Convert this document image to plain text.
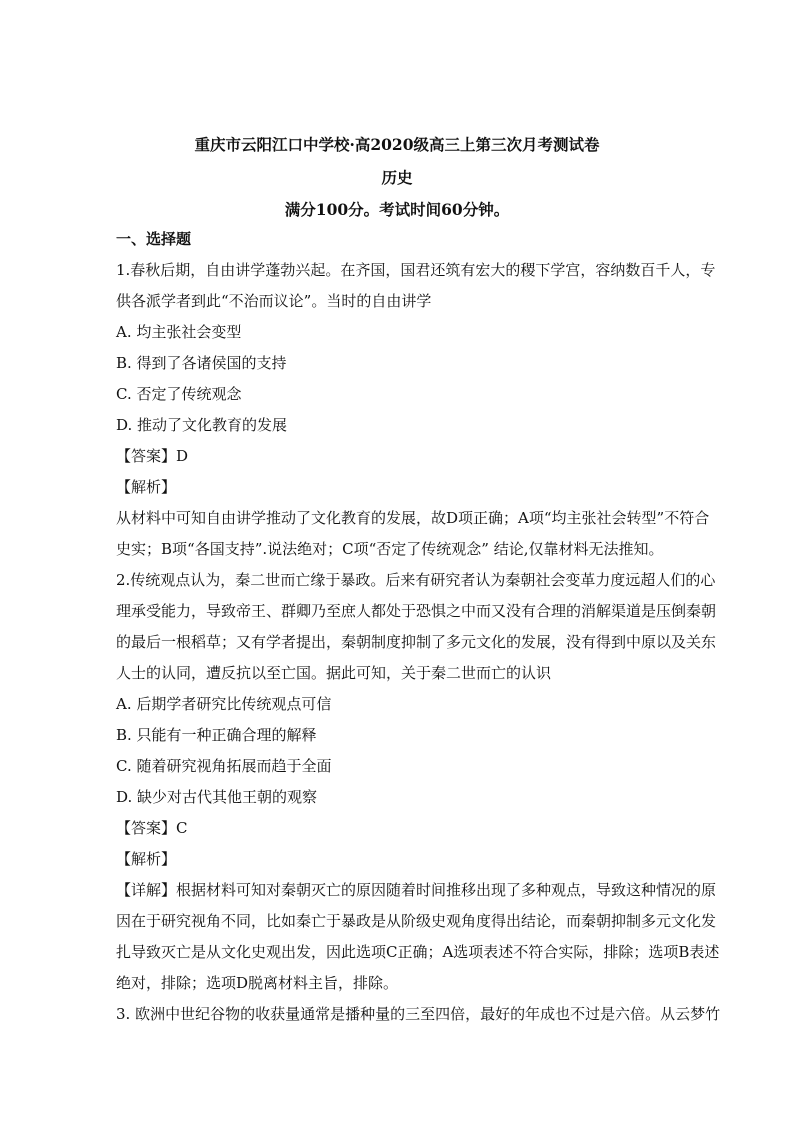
重庆市云阳江口中学校·高2020级高三上第三次月考测试卷
历史
满分100分。考试时间60分钟。
一、选择题
1.春秋后期，自由讲学蓬勃兴起。在齐国，国君还筑有宏大的稷下学宫，容纳数百千人，专
供各派学者到此“不治而议论”。当时的自由讲学
A. 均主张社会变型
B. 得到了各诸侯国的支持
C. 否定了传统观念
D. 推动了文化教育的发展
【答案】D
【解析】
从材料中可知自由讲学推动了文化教育的发展，故D项正确；A项“均主张社会转型”不符合
史实；B项“各国支持”.说法绝对；C项“否定了传统观念” 结论,仅靠材料无法推知。
2.传统观点认为，秦二世而亡缘于暴政。后来有研究者认为秦朝社会变革力度远超人们的心
理承受能力，导致帝王、群卿乃至庶人都处于恐惧之中而又没有合理的消解渠道是压倒秦朝
的最后一根稻草；又有学者提出，秦朝制度抑制了多元文化的发展，没有得到中原以及关东
人士的认同，遭反抗以至亡国。据此可知，关于秦二世而亡的认识
A. 后期学者研究比传统观点可信
B. 只能有一种正确合理的解释
C. 随着研究视角拓展而趋于全面
D. 缺少对古代其他王朝的观察
【答案】C
【解析】
【详解】根据材料可知对秦朝灭亡的原因随着时间推移出现了多种观点，导致这种情况的原
因在于研究视角不同，比如秦亡于暴政是从阶级史观角度得出结论，而秦朝抑制多元文化发
扎导致灭亡是从文化史观出发，因此选项C正确；A选项表述不符合实际，排除；选项B表述
绝对，排除；选项D脱离材料主旨，排除。
3. 欧洲中世纪谷物的收获量通常是播种量的三至四倍，最好的年成也不过是六倍。从云梦竹
